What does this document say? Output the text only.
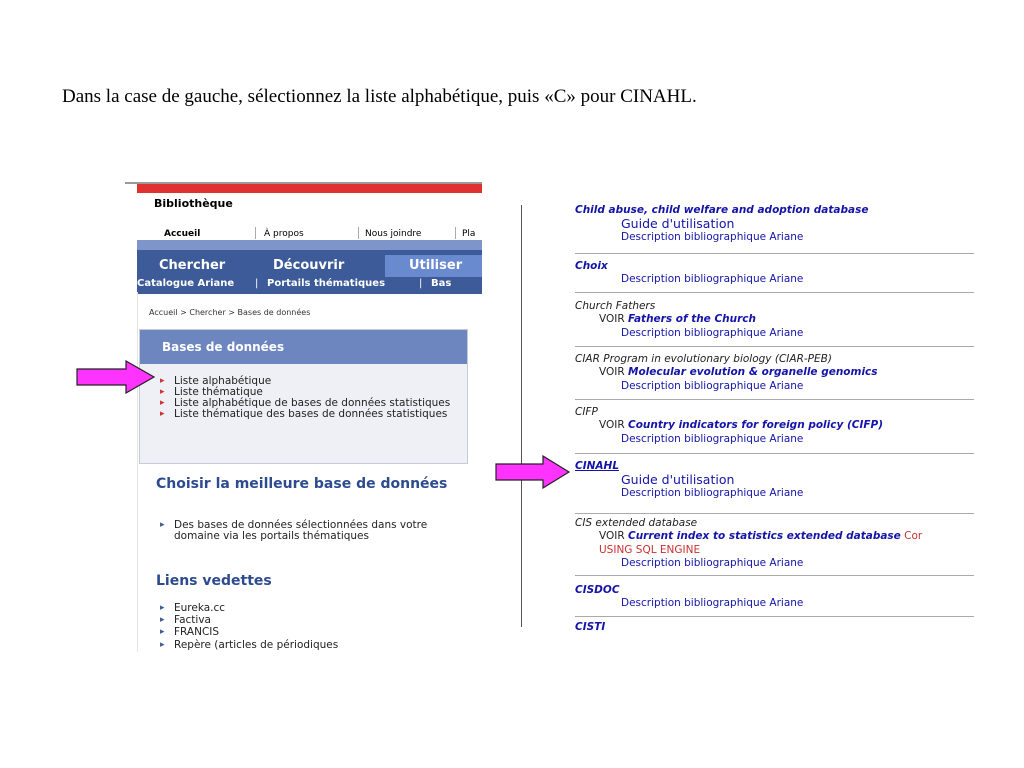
Dans la case de gauche, sélectionnez la liste alphabétique, puis «C» pour CINAHL.
Bibliothèque
Accueil	À propos	Nous joindre	Pla
Chercher	Découvrir	Utiliser
Catalogue Ariane | Portails thématiques	| Bas
Accueil > Chercher > Bases de données
Bases de données
▸ Liste alphabétique
▸ Liste thématique
▸ Liste alphabétique de bases de données statistiques
▸ Liste thématique des bases de données statistiques
Choisir la meilleure base de données
▸ Des bases de données sélectionnées dans votre domaine via les portails thématiques
Liens vedettes
▸ Eureka.cc
▸ Factiva
▸ FRANCIS
▸ Repère (articles de périodiques
Child abuse, child welfare and adoption database
Guide d'utilisation
Description bibliographique Ariane
Choix
Description bibliographique Ariane
Church Fathers
VOIR Fathers of the Church
Description bibliographique Ariane
CIAR Program in evolutionary biology (CIAR-PEB)
VOIR Molecular evolution & organelle genomics
Description bibliographique Ariane
CIFP
VOIR Country indicators for foreign policy (CIFP)
Description bibliographique Ariane
CINAHL
Guide d'utilisation
Description bibliographique Ariane
CIS extended database
VOIR Current index to statistics extended database Cor
USING SQL ENGINE
Description bibliographique Ariane
CISDOC
Description bibliographique Ariane
CISTI
